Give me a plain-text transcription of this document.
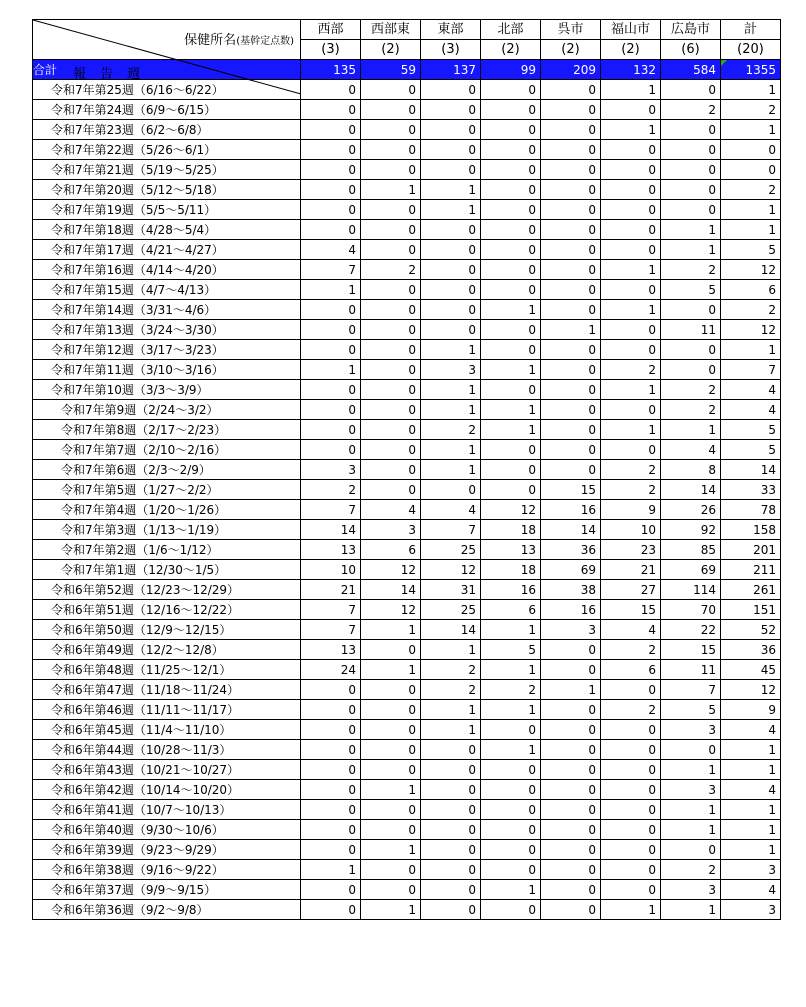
保健所名(基幹定点数)
報告週	西部	西部東	東部	北部	呉市	福山市	広島市	計
	(3)	(2)	(3)	(2)	(2)	(2)	(6)	(20)
合計	135	59	137	99	209	132	584	1355
令和7年第25週（6/16～6/22）	0	0	0	0	0	1	0	1
令和7年第24週（6/9～6/15）	0	0	0	0	0	0	2	2
令和7年第23週（6/2～6/8）	0	0	0	0	0	1	0	1
令和7年第22週（5/26～6/1）	0	0	0	0	0	0	0	0
令和7年第21週（5/19～5/25）	0	0	0	0	0	0	0	0
令和7年第20週（5/12～5/18）	0	1	1	0	0	0	0	2
令和7年第19週（5/5～5/11）	0	0	1	0	0	0	0	1
令和7年第18週（4/28～5/4）	0	0	0	0	0	0	1	1
令和7年第17週（4/21～4/27）	4	0	0	0	0	0	1	5
令和7年第16週（4/14～4/20）	7	2	0	0	0	1	2	12
令和7年第15週（4/7～4/13）	1	0	0	0	0	0	5	6
令和7年第14週（3/31～4/6）	0	0	0	1	0	1	0	2
令和7年第13週（3/24～3/30）	0	0	0	0	1	0	11	12
令和7年第12週（3/17～3/23）	0	0	1	0	0	0	0	1
令和7年第11週（3/10～3/16）	1	0	3	1	0	2	0	7
令和7年第10週（3/3～3/9）	0	0	1	0	0	1	2	4
令和7年第9週（2/24～3/2）	0	0	1	1	0	0	2	4
令和7年第8週（2/17～2/23）	0	0	2	1	0	1	1	5
令和7年第7週（2/10～2/16）	0	0	1	0	0	0	4	5
令和7年第6週（2/3～2/9）	3	0	1	0	0	2	8	14
令和7年第5週（1/27～2/2）	2	0	0	0	15	2	14	33
令和7年第4週（1/20～1/26）	7	4	4	12	16	9	26	78
令和7年第3週（1/13～1/19）	14	3	7	18	14	10	92	158
令和7年第2週（1/6～1/12）	13	6	25	13	36	23	85	201
令和7年第1週（12/30～1/5）	10	12	12	18	69	21	69	211
令和6年第52週（12/23～12/29）	21	14	31	16	38	27	114	261
令和6年第51週（12/16～12/22）	7	12	25	6	16	15	70	151
令和6年第50週（12/9～12/15）	7	1	14	1	3	4	22	52
令和6年第49週（12/2～12/8）	13	0	1	5	0	2	15	36
令和6年第48週（11/25～12/1）	24	1	2	1	0	6	11	45
令和6年第47週（11/18～11/24）	0	0	2	2	1	0	7	12
令和6年第46週（11/11～11/17）	0	0	1	1	0	2	5	9
令和6年第45週（11/4～11/10）	0	0	1	0	0	0	3	4
令和6年第44週（10/28～11/3）	0	0	0	1	0	0	0	1
令和6年第43週（10/21～10/27）	0	0	0	0	0	0	1	1
令和6年第42週（10/14～10/20）	0	1	0	0	0	0	3	4
令和6年第41週（10/7～10/13）	0	0	0	0	0	0	1	1
令和6年第40週（9/30～10/6）	0	0	0	0	0	0	1	1
令和6年第39週（9/23～9/29）	0	1	0	0	0	0	0	1
令和6年第38週（9/16～9/22）	1	0	0	0	0	0	2	3
令和6年第37週（9/9～9/15）	0	0	0	1	0	0	3	4
令和6年第36週（9/2～9/8）	0	1	0	0	0	1	1	3
